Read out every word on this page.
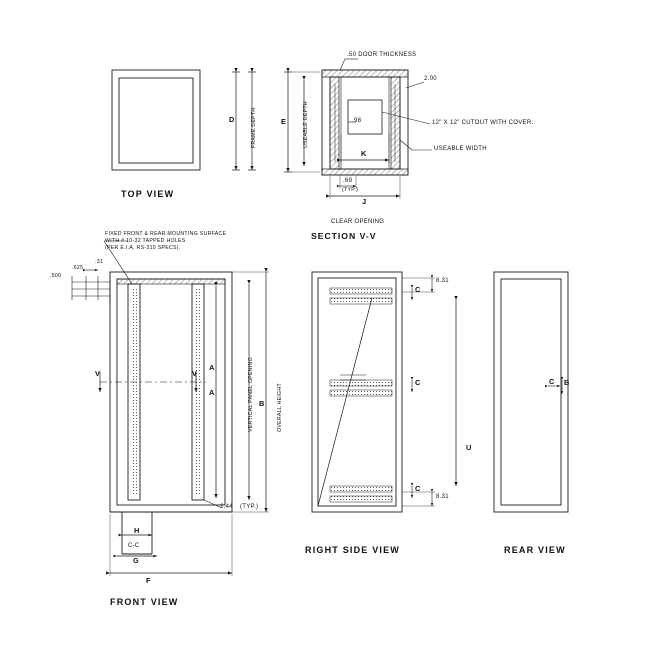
TOP VIEW
D	FRAME DEPTH
SECTION V-V
.50 DOOR THICKNESS
2.00
.98	12" X 12" CUTOUT WITH COVER.
USEABLE WIDTH
E	USEABLE DEPTH
K
J
.69
(TYP.)
CLEAR OPENING
FIXED FRONT & REAR MOUNTING SURFACE
WITH # 10-32 TAPPED HOLES
(PER E.I.A. RS-310 SPECS).
.500
.625
.31
A
A	VERTICAL PANEL OPENING B OVERALL HEIGHT
V	V
2.44 (TYP.)
H
C-C
G
F
FRONT VIEW
8.31
C
C
C
8.31
U
RIGHT SIDE VIEW
C B
REAR VIEW
